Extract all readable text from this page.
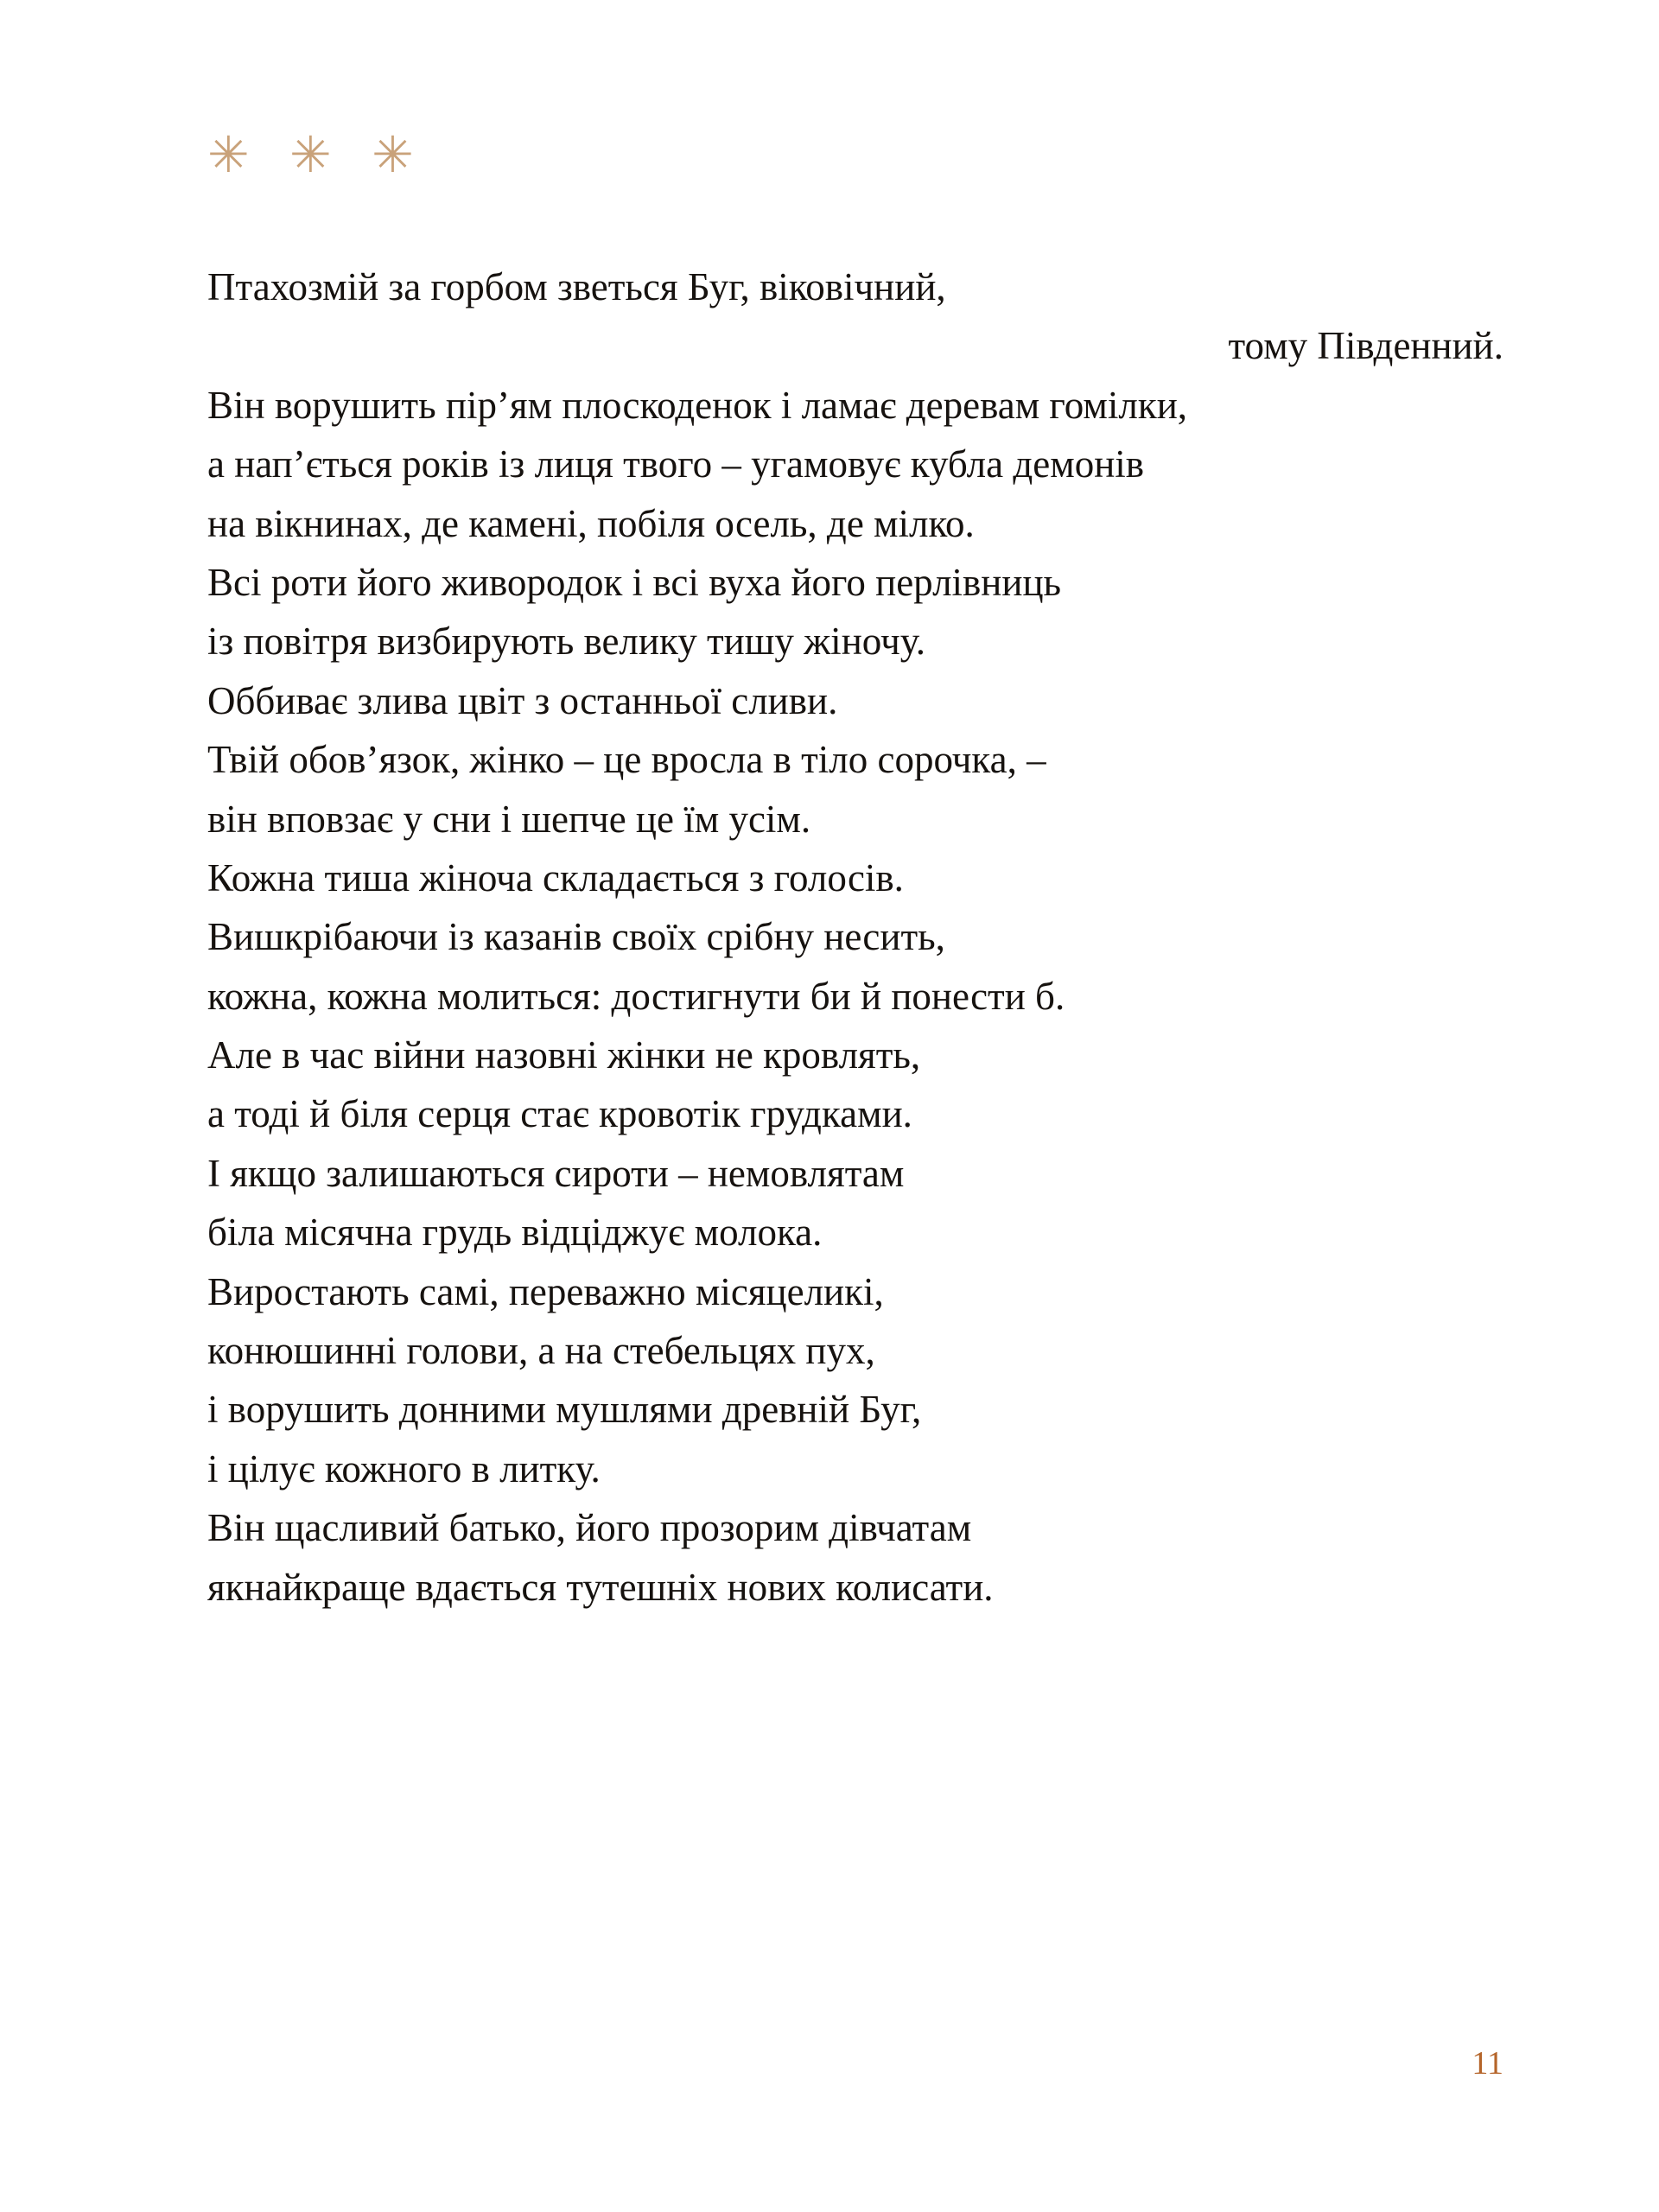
✳ ✳ ✳
Птахозмій за горбом зветься Буг, віковічний,
тому Південний.
Він ворушить пір’ям плоскоденок і ламає деревам гомілки,
а нап’ється років із лиця твого – угамовує кубла демонів
на вікнинах, де камені, побіля осель, де мілко.
Всі роти його живородок і всі вуха його перлівниць
із повітря визбирують велику тишу жіночу.
Оббиває злива цвіт з останньої сливи.
Твій обов’язок, жінко – це вросла в тіло сорочка, –
він вповзає у сни і шепче це їм усім.
Кожна тиша жіноча складається з голосів.
Вишкрібаючи із казанів своїх срібну несить,
кожна, кожна молиться: достигнути би й понести б.
Але в час війни назовні жінки не кровлять,
а тоді й біля серця стає кровотік грудками.
І якщо залишаються сироти – немовлятам
біла місячна грудь відціджує молока.
Виростають самі, переважно місяцеликі,
конюшинні голови, а на стебельцях пух,
і ворушить донними мушлями древній Буг,
і цілує кожного в литку.
Він щасливий батько, його прозорим дівчатам
якнайкраще вдається тутешніх нових колисати.
11
